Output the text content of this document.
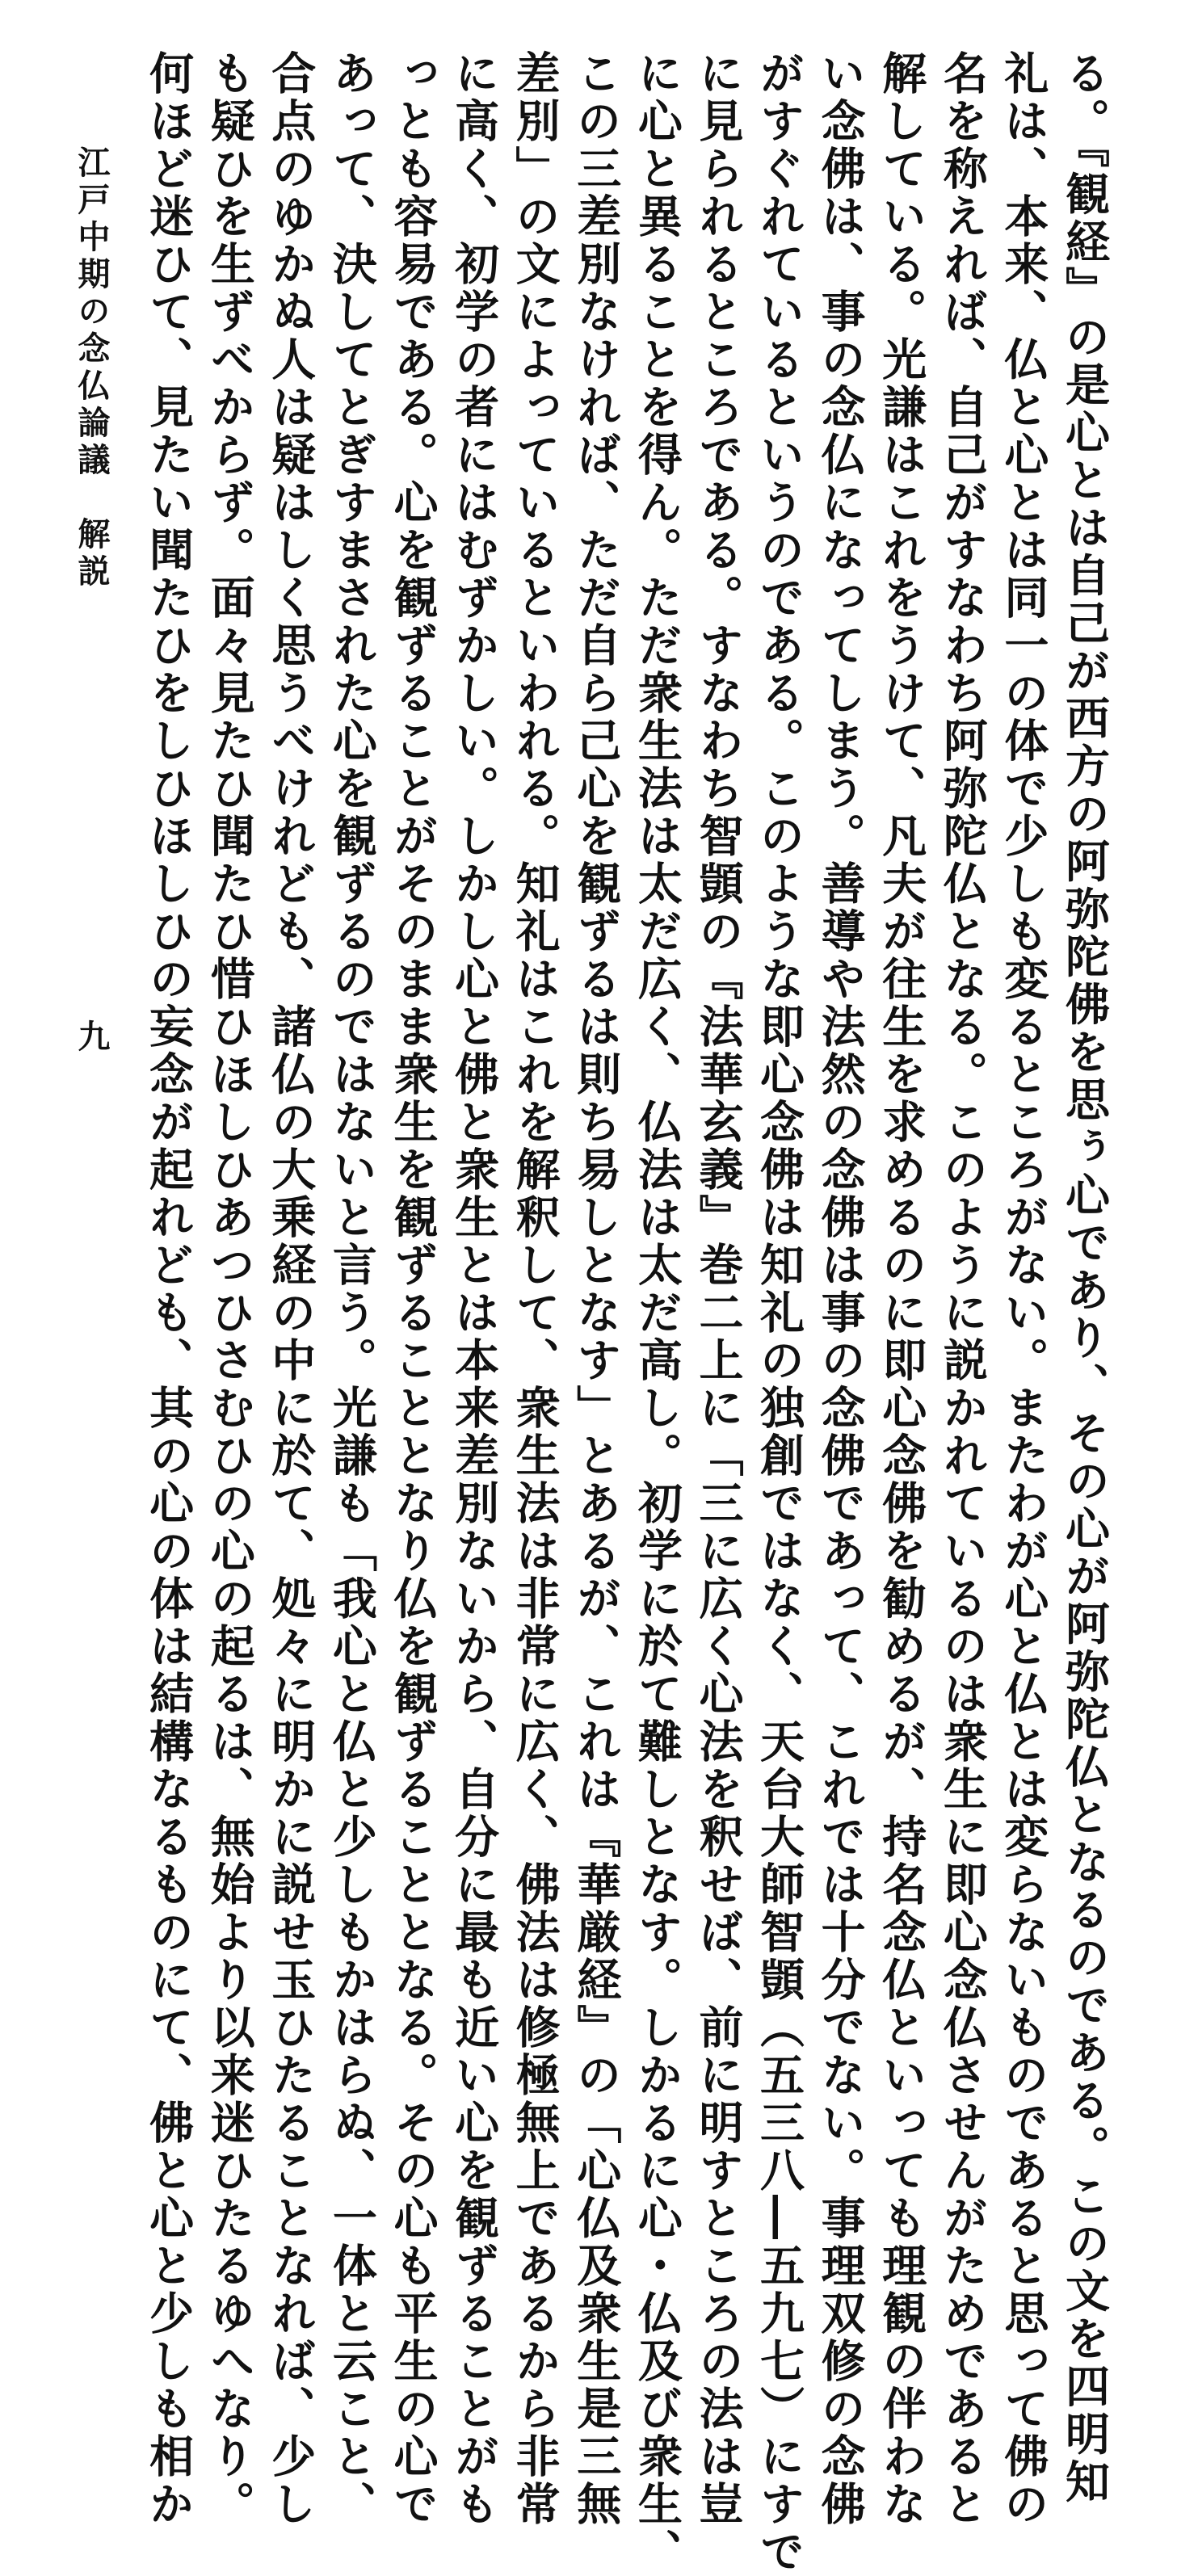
る。『観経』の是心とは自己が西方の阿弥陀佛を思ぅ心であり、その心が阿弥陀仏となるのである。この文を四明知
礼は、本来、仏と心とは同一の体で少しも変るところがない。またわが心と仏とは変らないものであると思って佛の
名を称えれば、自己がすなわち阿弥陀仏となる。このように説かれているのは衆生に即心念仏させんがためであると
解している。光謙はこれをうけて、凡夫が往生を求めるのに即心念佛を勧めるが、持名念仏といっても理観の伴わな
い念佛は、事の念仏になってしまう。善導や法然の念佛は事の念佛であって、これでは十分でない。事理双修の念佛
がすぐれているというのである。このような即心念佛は知礼の独創ではなく、天台大師智顗（五三八―五九七）にすで
に見られるところである。すなわち智顗の『法華玄義』巻二上に「三に広く心法を釈せば、前に明すところの法は豈
に心と異ることを得ん。ただ衆生法は太だ広く、仏法は太だ高し。初学に於て難しとなす。しかるに心・仏及び衆生、
この三差別なければ、ただ自ら己心を観ずるは則ち易しとなす」とあるが、これは『華厳経』の「心仏及衆生是三無
差別」の文によっているといわれる。知礼はこれを解釈して、衆生法は非常に広く、佛法は修極無上であるから非常
に高く、初学の者にはむずかしい。しかし心と佛と衆生とは本来差別ないから、自分に最も近い心を観ずることがも
っとも容易である。心を観ずることがそのまま衆生を観ずることとなり仏を観ずることとなる。その心も平生の心で
あって、決してとぎすまされた心を観ずるのではないと言う。光謙も「我心と仏と少しもかはらぬ、一体と云こと、
合点のゆかぬ人は疑はしく思うべけれども、諸仏の大乗経の中に於て、処々に明かに説せ玉ひたることなれば、少し
も疑ひを生ずべからず。面々見たひ聞たひ惜ひほしひあつひさむひの心の起るは、無始より以来迷ひたるゆへなり。
何ほど迷ひて、見たい聞たひをしひほしひの妄念が起れども、其の心の体は結構なるものにて、佛と心と少しも相か
江戸中期の念仏論議　解説
九
